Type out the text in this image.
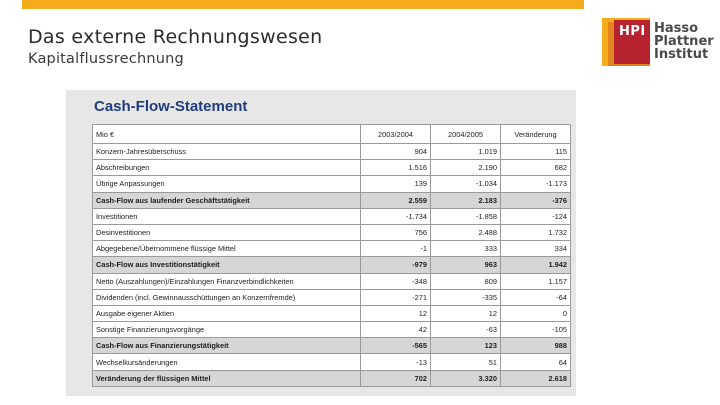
Das externe Rechnungswesen
Kapitalflussrechnung
HPI Hasso
Plattner
Institut
Cash-Flow-Statement
Mio €	2003/2004	2004/2005	Veränderung
Konzern-Jahresüberschuss	904	1.019	115
Abschreibungen	1.516	2.190	682
Übrige Anpassungen	139	-1.034	-1.173
Cash-Flow aus laufender Geschäftstätigkeit	2.559	2.183	-376
Investitionen	-1.734	-1.858	-124
Desinvestitionen	756	2.488	1.732
Abgegebene/Übernommene flüssige Mittel	-1	333	334
Cash-Flow aus Investitionstätigkeit	-979	963	1.942
Netto (Auszahlungen)/Einzahlungen Finanzverbindlichkeiten	-348	809	1.157
Dividenden (incl. Gewinnausschüttungen an Konzernfremde)	-271	-335	-64
Ausgabe eigener Aktien	12	12	0
Sonstige Finanzierungsvorgänge	42	-63	-105
Cash-Flow aus Finanzierungstätigkeit	-565	123	988
Wechselkursänderungen	-13	51	64
Veränderung der flüssigen Mittel	702	3.320	2.618
